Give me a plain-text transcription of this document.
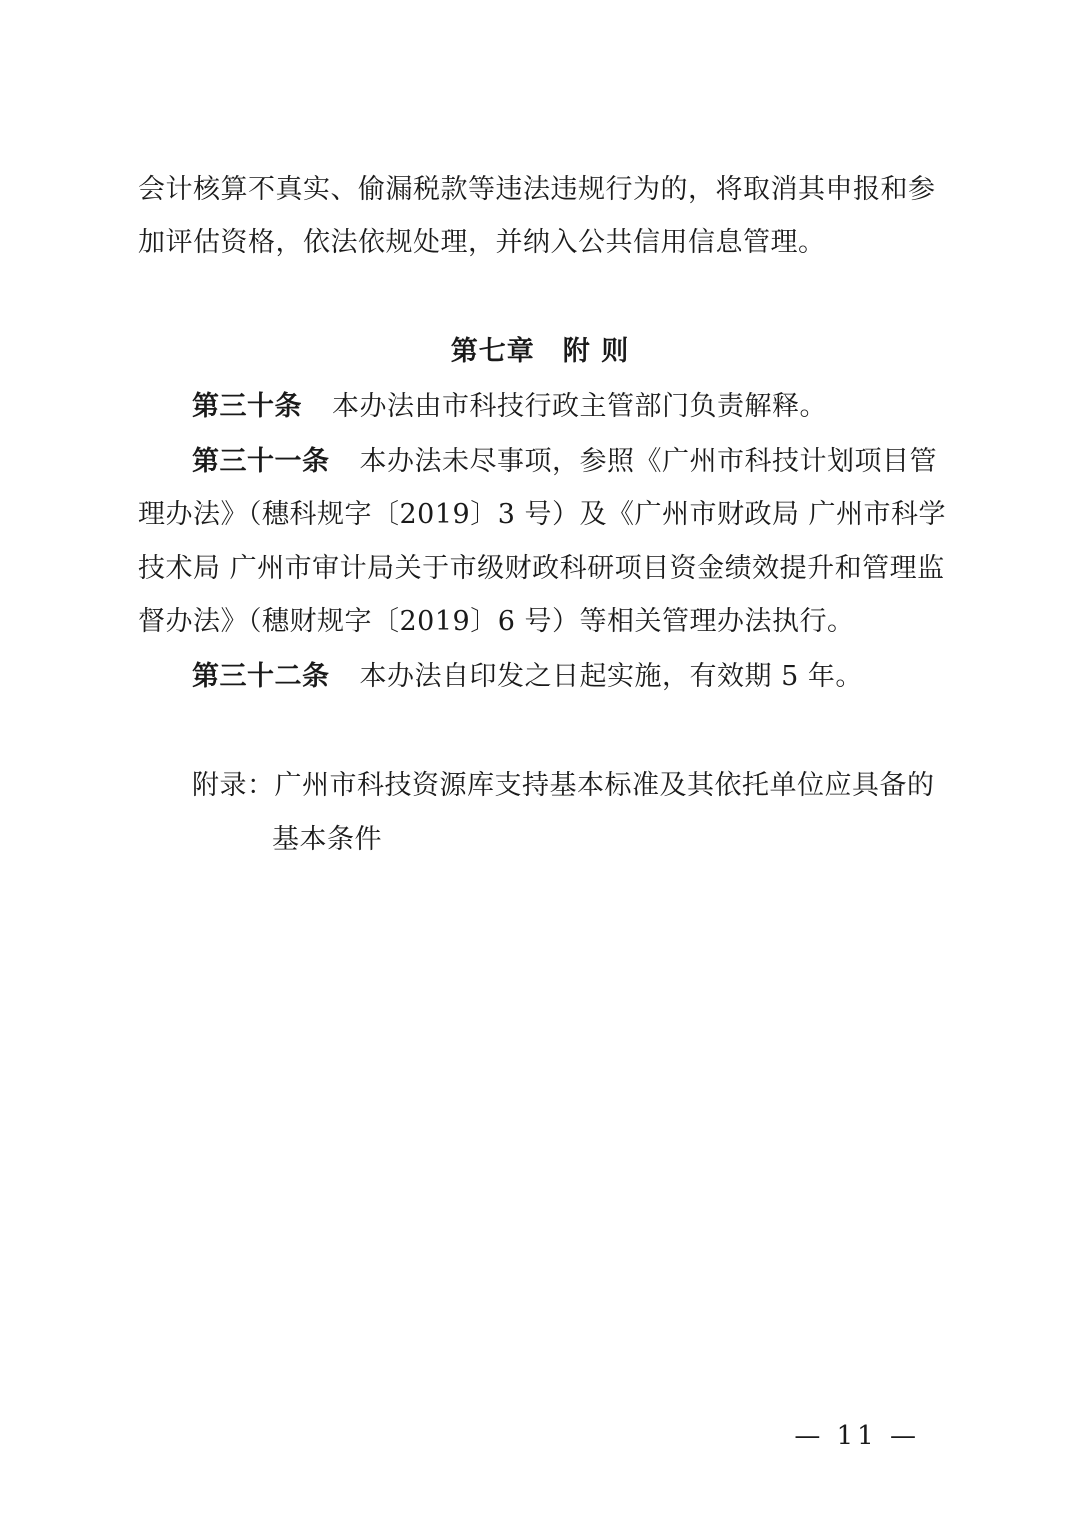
会计核算不真实、偷漏税款等违法违规行为的，将取消其申报和参
加评估资格，依法依规处理，并纳入公共信用信息管理。
第七章　附 则
第三十条 本办法由市科技行政主管部门负责解释。
第三十一条 本办法未尽事项，参照《广州市科技计划项目管
理办法》（穗科规字〔2019〕3 号）及《广州市财政局 广州市科学
技术局 广州市审计局关于市级财政科研项目资金绩效提升和管理监
督办法》（穗财规字〔2019〕6 号）等相关管理办法执行。
第三十二条 本办法自印发之日起实施，有效期 5 年。
附录：广州市科技资源库支持基本标准及其依托单位应具备的
基本条件
— 11 —
